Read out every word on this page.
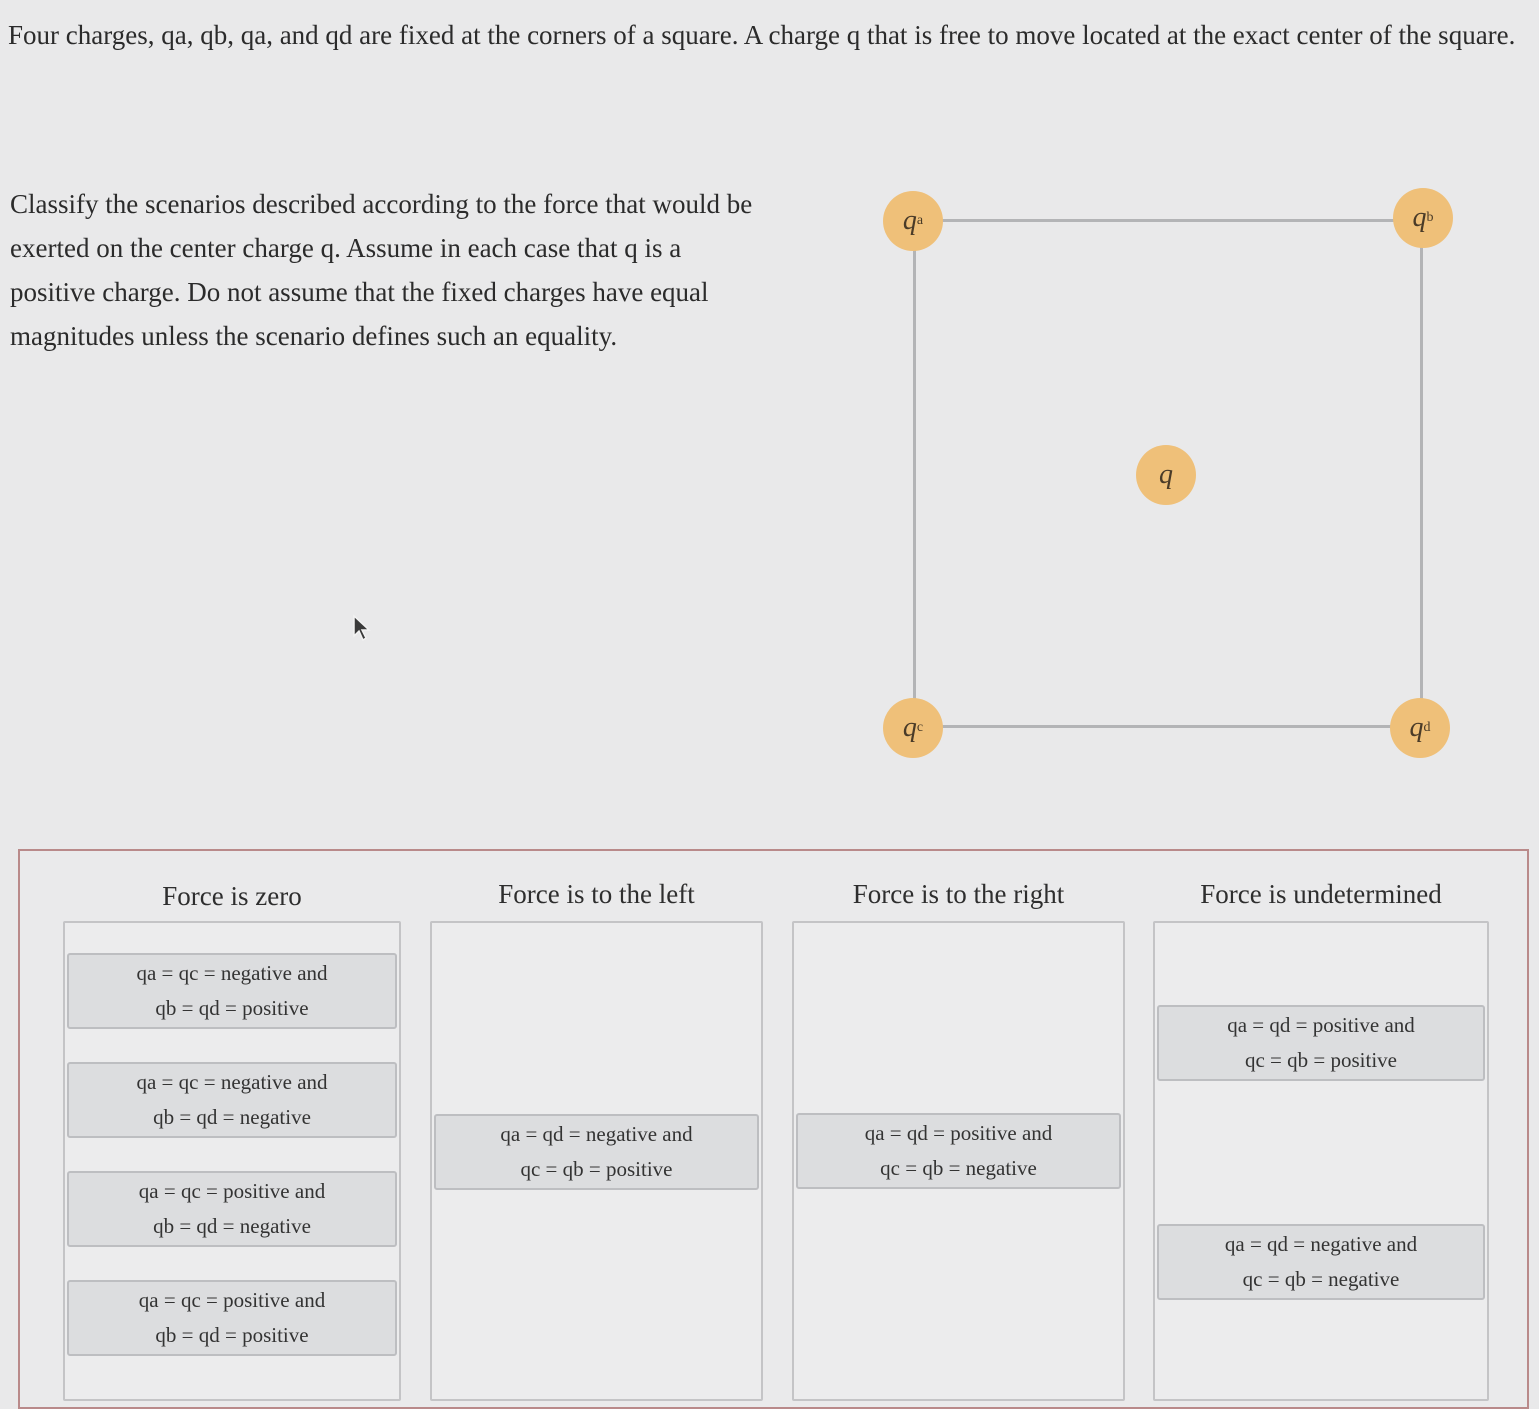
Four charges, qa, qb, qa, and qd are fixed at the corners of a square. A charge q that is free to move located at the exact center of the square.

Classify the scenarios described according to the force that would be exerted on the center charge q. Assume in each case that q is a positive charge. Do not assume that the fixed charges have equal magnitudes unless the scenario defines such an equality.

q a	q b
q c	q d
q
Force is zero
qa = qc = negative and
qb = qd = positive
qa = qc = negative and
qb = qd = negative
qa = qc = positive and
qb = qd = negative
qa = qc = positive and
qb = qd = positive
Force is to the left
qa = qd = negative and
qc = qb = positive
Force is to the right
qa = qd = positive and
qc = qb = negative
Force is undetermined
qa = qd = positive and
qc = qb = positive
qa = qd = negative and
qc = qb = negative
